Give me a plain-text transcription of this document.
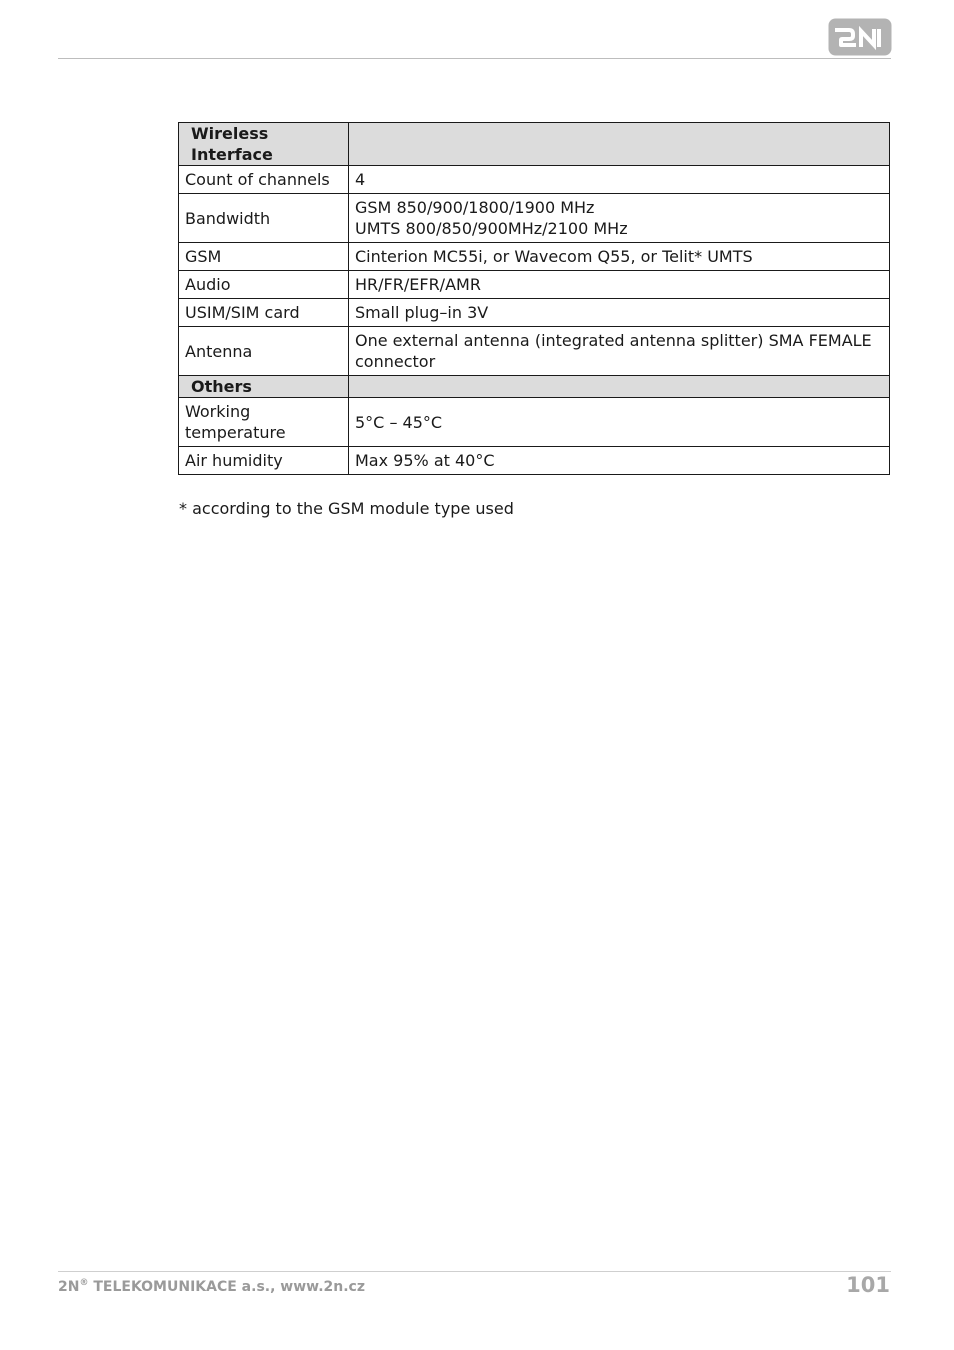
Wireless
Interface	

Count of channels	4

Bandwidth	GSM 850/900/1800/1900 MHz
UMTS 800/850/900MHz/2100 MHz

GSM	Cinterion MC55i, or Wavecom Q55, or Telit* UMTS

Audio	HR/FR/EFR/AMR

USIM/SIM card	Small plug–in 3V

Antenna	One external antenna (integrated antenna splitter) SMA FEMALE
connector

Others	

Working
temperature	5°C – 45°C

Air humidity	Max 95% at 40°C
* according to the GSM module type used
2N® TELEKOMUNIKACE a.s., www.2n.cz	101
